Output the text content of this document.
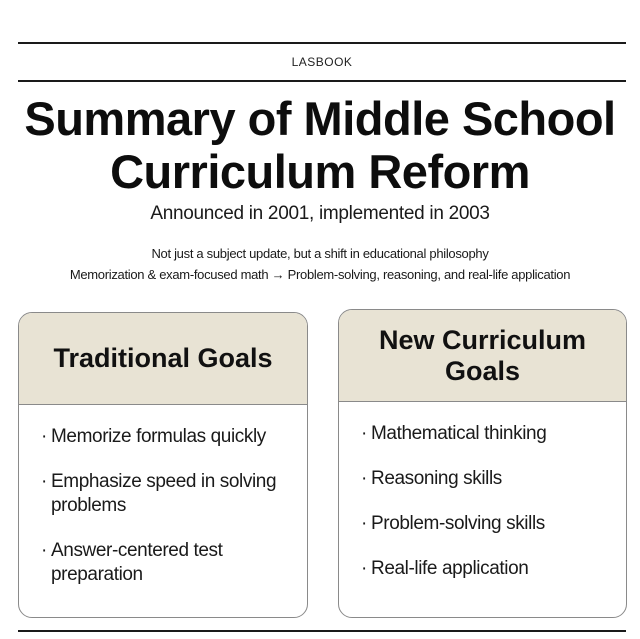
LASBOOK
Summary of Middle School
Curriculum Reform
Announced in 2001, implemented in 2003
Not just a subject update, but a shift in educational philosophy
Memorization & exam-focused math → Problem-solving, reasoning, and real-life application
Traditional Goals
· Memorize formulas quickly
· Emphasize speed in solving problems
· Answer-centered test preparation
New Curriculum Goals
· Mathematical thinking
· Reasoning skills
· Problem-solving skills
· Real-life application
